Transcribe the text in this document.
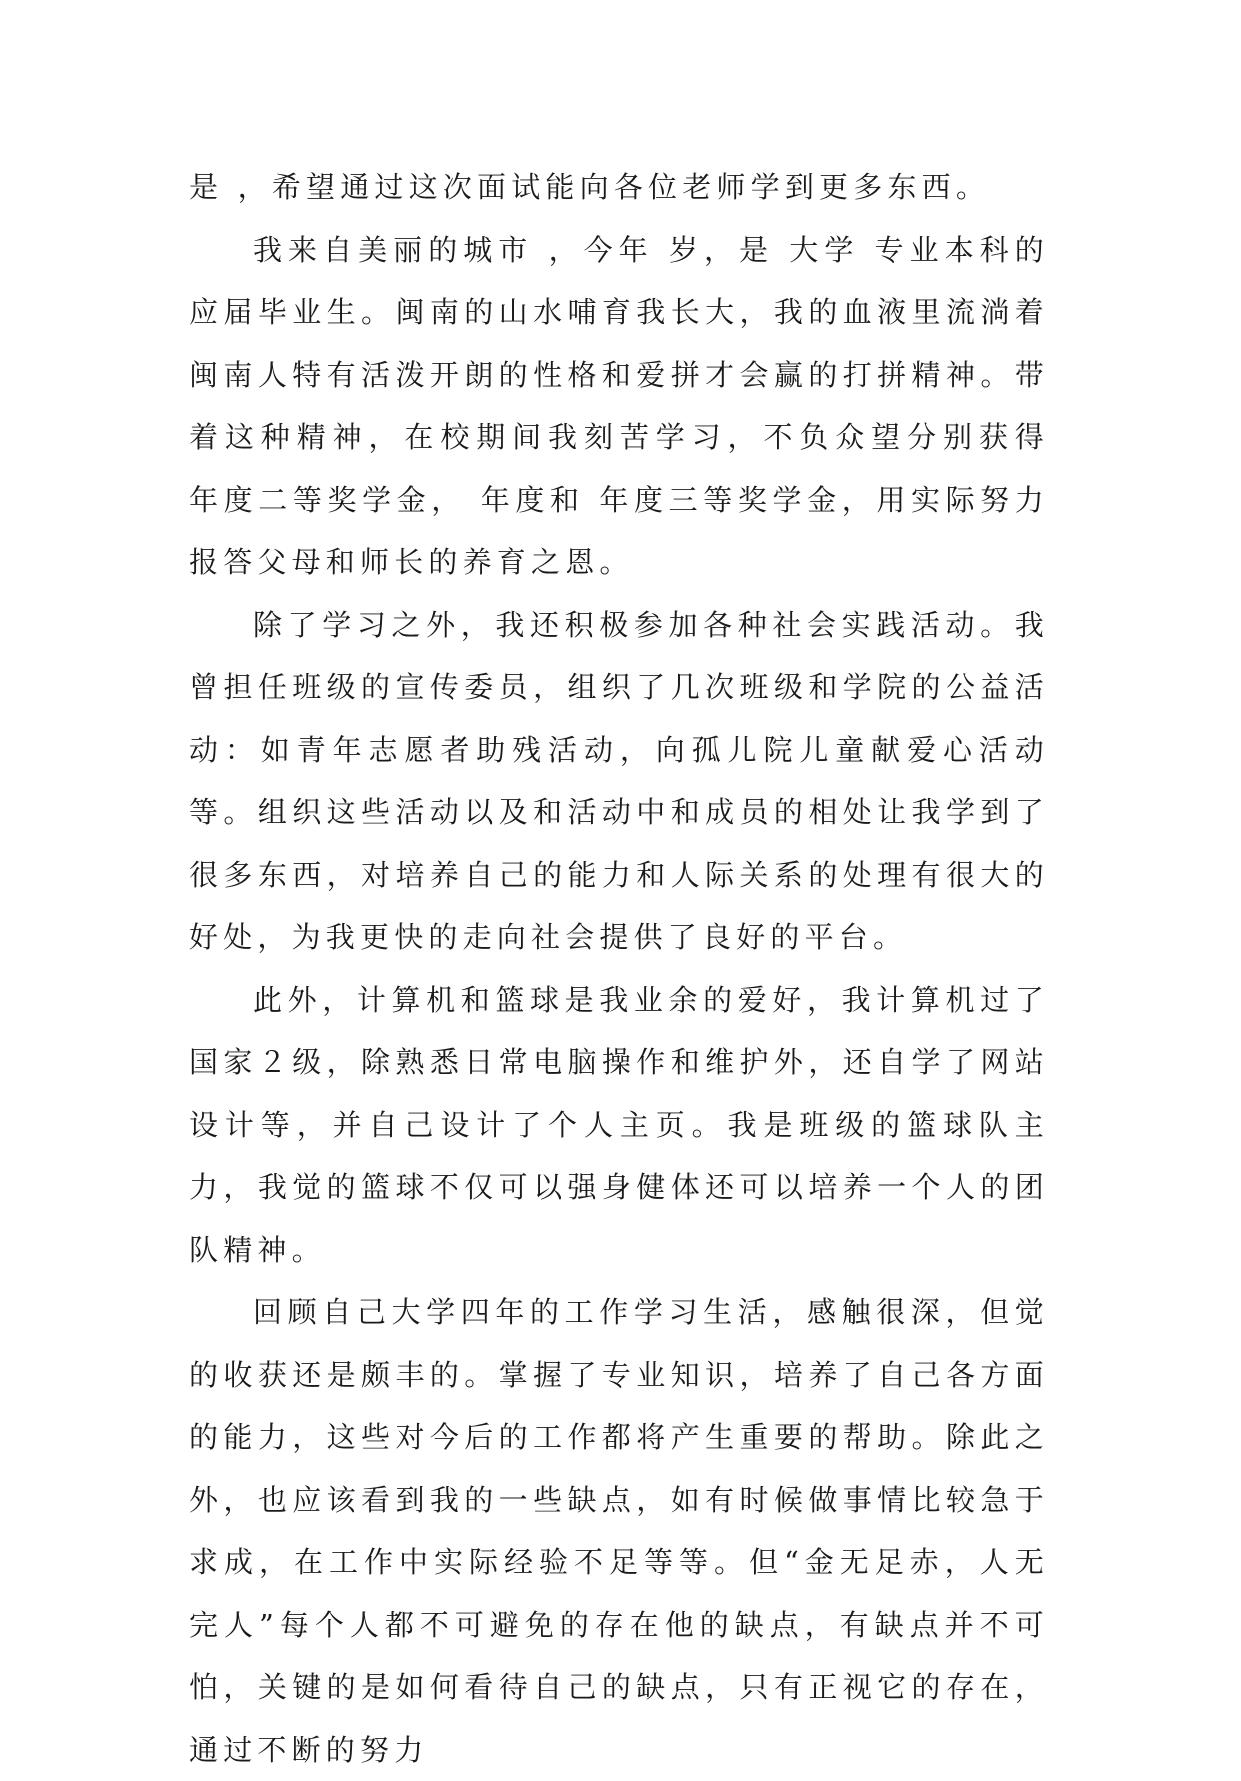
是 ，希望通过这次面试能向各位老师学到更多东西。

我来自美丽的城市 ，今年 岁，是 大学 专业本科的应届毕业生。闽南的山水哺育我长大，我的血液里流淌着闽南人特有活泼开朗的性格和爱拼才会赢的打拼精神。带着这种精神，在校期间我刻苦学习，不负众望分别获得 年度二等奖学金， 年度和 年度三等奖学金，用实际努力报答父母和师长的养育之恩。

除了学习之外，我还积极参加各种社会实践活动。我曾担任班级的宣传委员，组织了几次班级和学院的公益活动：如青年志愿者助残活动，向孤儿院儿童献爱心活动等。组织这些活动以及和活动中和成员的相处让我学到了很多东西，对培养自己的能力和人际关系的处理有很大的好处，为我更快的走向社会提供了良好的平台。

此外，计算机和篮球是我业余的爱好，我计算机过了国家２级，除熟悉日常电脑操作和维护外，还自学了网站设计等，并自己设计了个人主页。我是班级的篮球队主力，我觉的篮球不仅可以强身健体还可以培养一个人的团队精神。

回顾自己大学四年的工作学习生活，感触很深，但觉的收获还是颇丰的。掌握了专业知识，培养了自己各方面的能力，这些对今后的工作都将产生重要的帮助。除此之外，也应该看到我的一些缺点，如有时候做事情比较急于求成，在工作中实际经验不足等等。但“金无足赤，人无完人”每个人都不可避免的存在他的缺点，有缺点并不可怕，关键的是如何看待自己的缺点，只有正视它的存在，通过不断的努力
